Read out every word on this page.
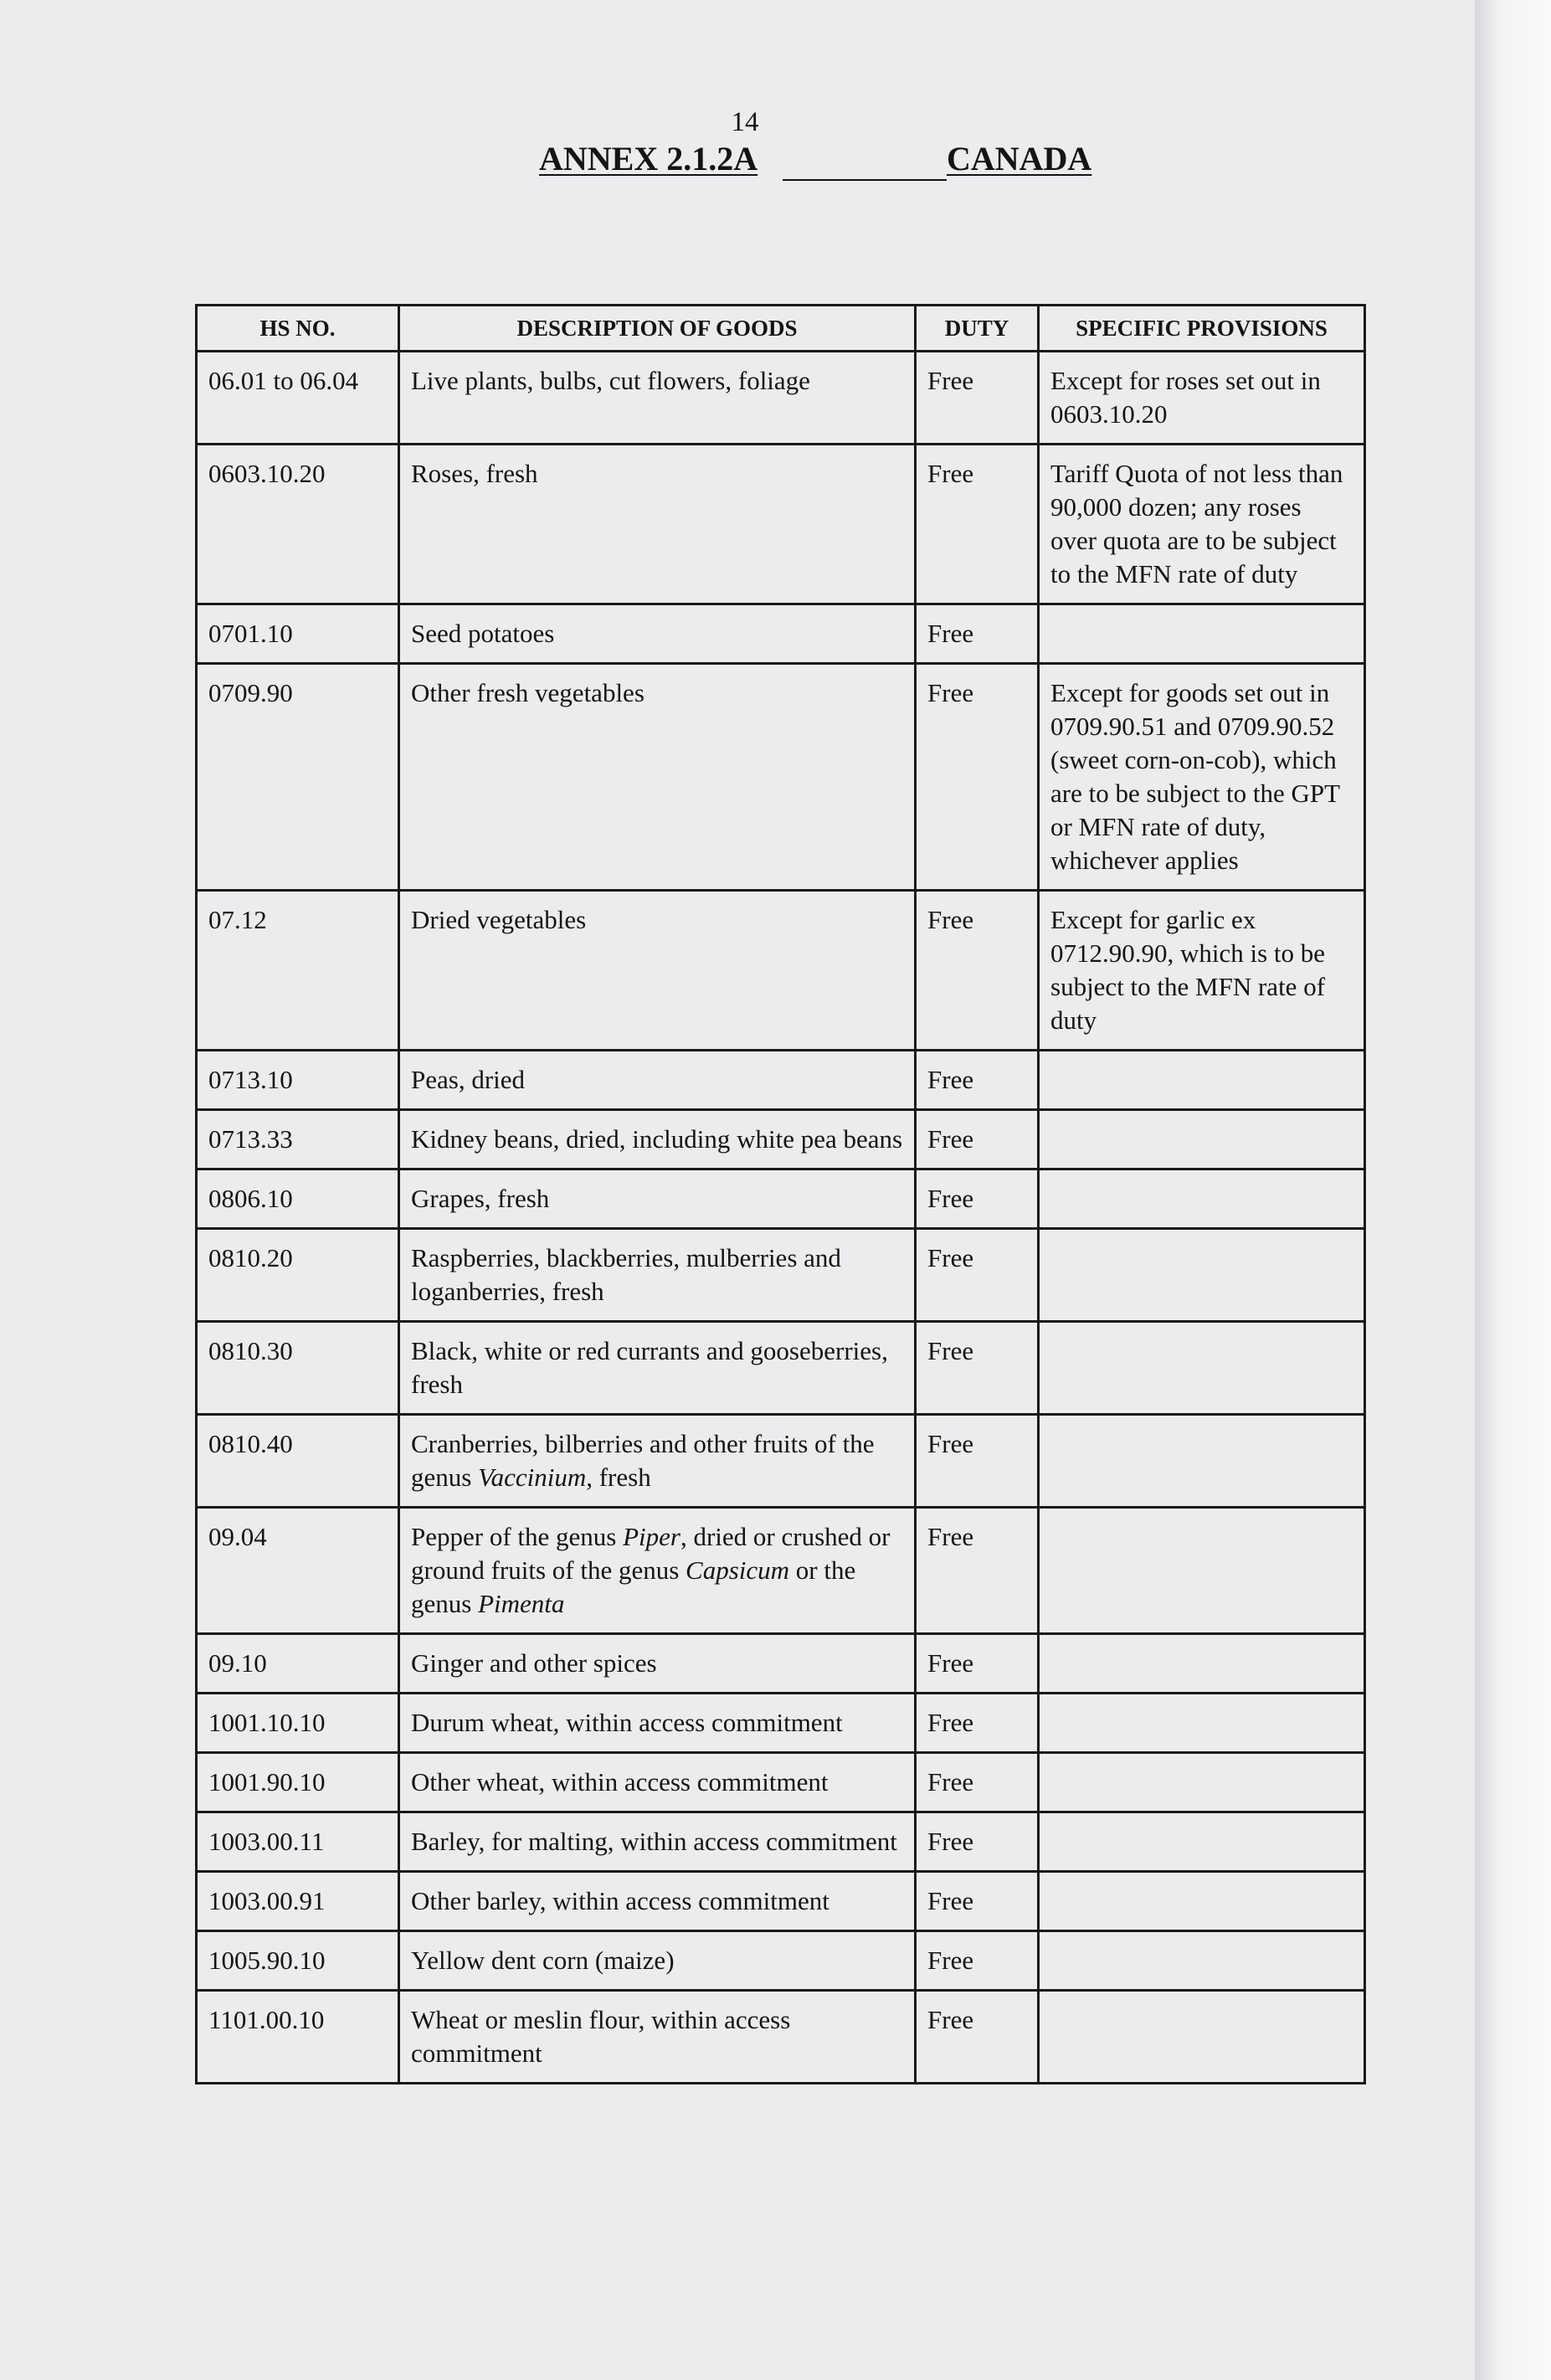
14
ANNEX 2.1.2A	CANADA
HS NO.	DESCRIPTION OF GOODS	DUTY	SPECIFIC PROVISIONS
06.01 to 06.04	Live plants, bulbs, cut flowers, foliage	Free	Except for roses set out in 0603.10.20
0603.10.20	Roses, fresh	Free	Tariff Quota of not less than 90,000 dozen; any roses over quota are to be subject to the MFN rate of duty
0701.10	Seed potatoes	Free	
0709.90	Other fresh vegetables	Free	Except for goods set out in 0709.90.51 and 0709.90.52 (sweet corn-on-cob), which are to be subject to the GPT or MFN rate of duty, whichever applies
07.12	Dried vegetables	Free	Except for garlic ex 0712.90.90, which is to be subject to the MFN rate of duty
0713.10	Peas, dried	Free	
0713.33	Kidney beans, dried, including white pea beans	Free	
0806.10	Grapes, fresh	Free	
0810.20	Raspberries, blackberries, mulberries and loganberries, fresh	Free	
0810.30	Black, white or red currants and gooseberries, fresh	Free	
0810.40	Cranberries, bilberries and other fruits of the genus Vaccinium, fresh	Free	
09.04	Pepper of the genus Piper, dried or crushed or ground fruits of the genus Capsicum or the genus Pimenta	Free	
09.10	Ginger and other spices	Free	
1001.10.10	Durum wheat, within access commitment	Free	
1001.90.10	Other wheat, within access commitment	Free	
1003.00.11	Barley, for malting, within access commitment	Free	
1003.00.91	Other barley, within access commitment	Free	
1005.90.10	Yellow dent corn (maize)	Free	
1101.00.10	Wheat or meslin flour, within access commitment	Free	
